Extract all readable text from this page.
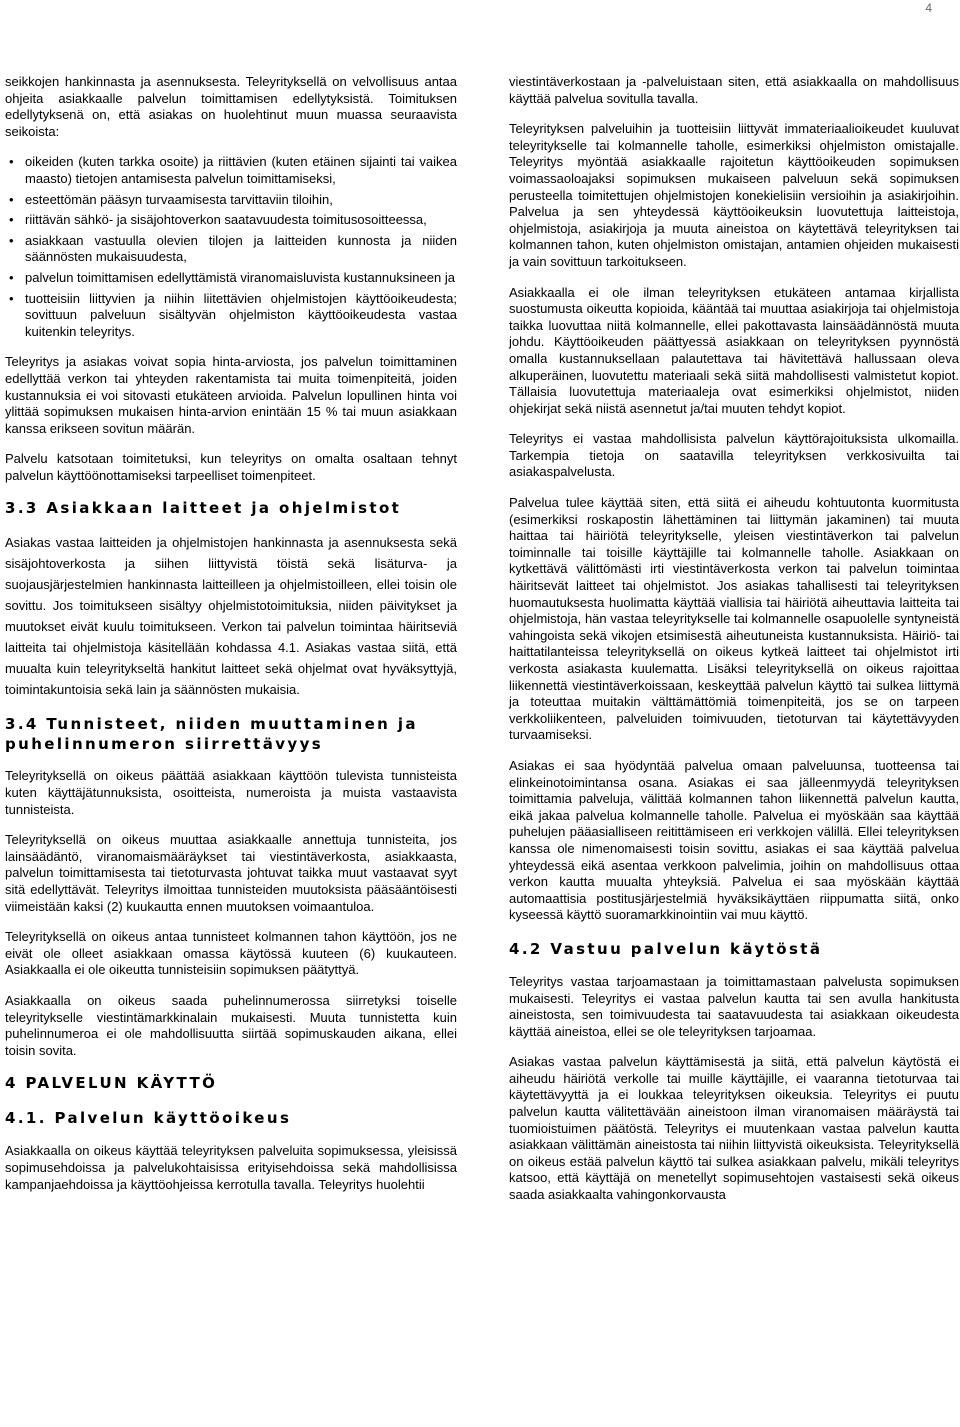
4

seikkojen hankinnasta ja asennuksesta. Teleyrityksellä on velvollisuus antaa ohjeita asiakkaalle palvelun toimittamisen edellytyksistä. Toimituksen edellytyksenä on, että asiakas on huolehtinut muun muassa seuraavista seikoista:

• oikeiden (kuten tarkka osoite) ja riittävien (kuten etäinen sijainti tai vaikea maasto) tietojen antamisesta palvelun toimittamiseksi,
• esteettömän pääsyn turvaamisesta tarvittaviin tiloihin,
• riittävän sähkö- ja sisäjohtoverkon saatavuudesta toimitusosoitteessa,
• asiakkaan vastuulla olevien tilojen ja laitteiden kunnosta ja niiden säännösten mukaisuudesta,
• palvelun toimittamisen edellyttämistä viranomaisluvista kustannuksineen ja
• tuotteisiin liittyvien ja niihin liitettävien ohjelmistojen käyttöoikeudesta; sovittuun palveluun sisältyvän ohjelmiston käyttöoikeudesta vastaa kuitenkin teleyritys.

Teleyritys ja asiakas voivat sopia hinta-arviosta, jos palvelun toimittaminen edellyttää verkon tai yhteyden rakentamista tai muita toimenpiteitä, joiden kustannuksia ei voi sitovasti etukäteen arvioida. Palvelun lopullinen hinta voi ylittää sopimuksen mukaisen hinta-arvion enintään 15 % tai muun asiakkaan kanssa erikseen sovitun määrän.

Palvelu katsotaan toimitetuksi, kun teleyritys on omalta osaltaan tehnyt palvelun käyttöönottamiseksi tarpeelliset toimenpiteet.

3.3 Asiakkaan laitteet ja ohjelmistot

Asiakas vastaa laitteiden ja ohjelmistojen hankinnasta ja asennuksesta sekä sisäjohtoverkosta ja siihen liittyvistä töistä sekä lisäturva- ja suojausjärjestelmien hankinnasta laitteilleen ja ohjelmistoilleen, ellei toisin ole sovittu. Jos toimitukseen sisältyy ohjelmistotoimituksia, niiden päivitykset ja muutokset eivät kuulu toimitukseen. Verkon tai palvelun toimintaa häiritseviä laitteita tai ohjelmistoja käsitellään kohdassa 4.1. Asiakas vastaa siitä, että muualta kuin teleyritykseltä hankitut laitteet sekä ohjelmat ovat hyväksyttyjä, toimintakuntoisia sekä lain ja säännösten mukaisia.

3.4 Tunnisteet, niiden muuttaminen ja puhelinnumeron siirrettävyys

Teleyrityksellä on oikeus päättää asiakkaan käyttöön tulevista tunnisteista kuten käyttäjätunnuksista, osoitteista, numeroista ja muista vastaavista tunnisteista.

Teleyrityksellä on oikeus muuttaa asiakkaalle annettuja tunnisteita, jos lainsäädäntö, viranomaismääräykset tai viestintäverkosta, asiakkaasta, palvelun toimittamisesta tai tietoturvasta johtuvat taikka muut vastaavat syyt sitä edellyttävät. Teleyritys ilmoittaa tunnisteiden muutoksista pääsääntöisesti viimeistään kaksi (2) kuukautta ennen muutoksen voimaantuloa.

Teleyrityksellä on oikeus antaa tunnisteet kolmannen tahon käyttöön, jos ne eivät ole olleet asiakkaan omassa käytössä kuuteen (6) kuukauteen. Asiakkaalla ei ole oikeutta tunnisteisiin sopimuksen päätyttyä.

Asiakkaalla on oikeus saada puhelinnumerossa siirretyksi toiselle teleyritykselle viestintämarkkinalain mukaisesti. Muuta tunnistetta kuin puhelinnumeroa ei ole mahdollisuutta siirtää sopimuskauden aikana, ellei toisin sovita.

4 PALVELUN KÄYTTÖ
4.1. Palvelun käyttöoikeus

Asiakkaalla on oikeus käyttää teleyrityksen palveluita sopimuksessa, yleisissä sopimusehdoissa ja palvelukohtaisissa erityisehdoissa sekä mahdollisissa kampanjaehdoissa ja käyttöohjeissa kerrotulla tavalla. Teleyritys huolehtii

viestintäverkostaan ja -palveluistaan siten, että asiakkaalla on mahdollisuus käyttää palvelua sovitulla tavalla.

Teleyrityksen palveluihin ja tuotteisiin liittyvät immateriaalioikeudet kuuluvat teleyritykselle tai kolmannelle taholle, esimerkiksi ohjelmiston omistajalle. Teleyritys myöntää asiakkaalle rajoitetun käyttöoikeuden sopimuksen voimassaoloajaksi sopimuksen mukaiseen palveluun sekä sopimuksen perusteella toimitettujen ohjelmistojen konekielisiin versioihin ja asiakirjoihin. Palvelua ja sen yhteydessä käyttöoikeuksin luovutettuja laitteistoja, ohjelmistoja, asiakirjoja ja muuta aineistoa on käytettävä teleyrityksen tai kolmannen tahon, kuten ohjelmiston omistajan, antamien ohjeiden mukaisesti ja vain sovittuun tarkoitukseen.

Asiakkaalla ei ole ilman teleyrityksen etukäteen antamaa kirjallista suostumusta oikeutta kopioida, kääntää tai muuttaa asiakirjoja tai ohjelmistoja taikka luovuttaa niitä kolmannelle, ellei pakottavasta lainsäädännöstä muuta johdu. Käyttöoikeuden päättyessä asiakkaan on teleyrityksen pyynnöstä omalla kustannuksellaan palautettava tai hävitettävä hallussaan oleva alkuperäinen, luovutettu materiaali sekä siitä mahdollisesti valmistetut kopiot. Tällaisia luovutettuja materiaaleja ovat esimerkiksi ohjelmistot, niiden ohjekirjat sekä niistä asennetut ja/tai muuten tehdyt kopiot.

Teleyritys ei vastaa mahdollisista palvelun käyttörajoituksista ulkomailla. Tarkempia tietoja on saatavilla teleyrityksen verkkosivuilta tai asiakaspalvelusta.

Palvelua tulee käyttää siten, että siitä ei aiheudu kohtuutonta kuormitusta (esimerkiksi roskapostin lähettäminen tai liittymän jakaminen) tai muuta haittaa tai häiriötä teleyritykselle, yleisen viestintäverkon tai palvelun toiminnalle tai toisille käyttäjille tai kolmannelle taholle. Asiakkaan on kytkettävä välittömästi irti viestintäverkosta verkon tai palvelun toimintaa häiritsevät laitteet tai ohjelmistot. Jos asiakas tahallisesti tai teleyrityksen huomautuksesta huolimatta käyttää viallisia tai häiriötä aiheuttavia laitteita tai ohjelmistoja, hän vastaa teleyritykselle tai kolmannelle osapuolelle syntyneistä vahingoista sekä vikojen etsimisestä aiheutuneista kustannuksista. Häiriö- tai haittatilanteissa teleyrityksellä on oikeus kytkeä laitteet tai ohjelmistot irti verkosta asiakasta kuulematta. Lisäksi teleyrityksellä on oikeus rajoittaa liikennettä viestintäverkoissaan, keskeyttää palvelun käyttö tai sulkea liittymä ja toteuttaa muitakin välttämättömiä toimenpiteitä, jos se on tarpeen verkkoliikenteen, palveluiden toimivuuden, tietoturvan tai käytettävyyden turvaamiseksi.

Asiakas ei saa hyödyntää palvelua omaan palveluunsa, tuotteensa tai elinkeinotoimintansa osana. Asiakas ei saa jälleenmyydä teleyrityksen toimittamia palveluja, välittää kolmannen tahon liikennettä palvelun kautta, eikä jakaa palvelua kolmannelle taholle. Palvelua ei myöskään saa käyttää puhelujen pääasialliseen reitittämiseen eri verkkojen välillä. Ellei teleyrityksen kanssa ole nimenomaisesti toisin sovittu, asiakas ei saa käyttää palvelua yhteydessä eikä asentaa verkkoon palvelimia, joihin on mahdollisuus ottaa verkon kautta muualta yhteyksiä. Palvelua ei saa myöskään käyttää automaattisia postitusjärjestelmiä hyväksikäyttäen riippumatta siitä, onko kyseessä käyttö suoramarkkinointiin vai muu käyttö.

4.2 Vastuu palvelun käytöstä

Teleyritys vastaa tarjoamastaan ja toimittamastaan palvelusta sopimuksen mukaisesti. Teleyritys ei vastaa palvelun kautta tai sen avulla hankitusta aineistosta, sen toimivuudesta tai saatavuudesta tai asiakkaan oikeudesta käyttää aineistoa, ellei se ole teleyrityksen tarjoamaa.

Asiakas vastaa palvelun käyttämisestä ja siitä, että palvelun käytöstä ei aiheudu häiriötä verkolle tai muille käyttäjille, ei vaaranna tietoturvaa tai käytettävyyttä ja ei loukkaa teleyrityksen oikeuksia. Teleyritys ei puutu palvelun kautta välitettävään aineistoon ilman viranomaisen määräystä tai tuomioistuimen päätöstä. Teleyritys ei muutenkaan vastaa palvelun kautta asiakkaan välittämän aineistosta tai niihin liittyvistä oikeuksista. Teleyrityksellä on oikeus estää palvelun käyttö tai sulkea asiakkaan palvelu, mikäli teleyritys katsoo, että käyttäjä on menetellyt sopimusehtojen vastaisesti sekä oikeus saada asiakkaalta vahingonkorvausta
